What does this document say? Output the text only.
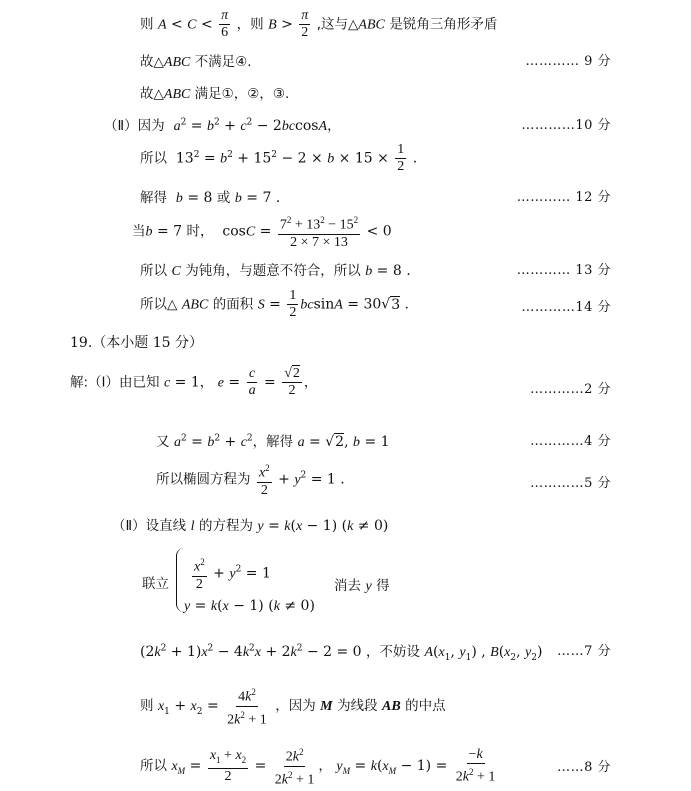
则 $A < C < \frac{\pi}{6}$ ，则 $B > \frac{\pi}{2}$ ,这与△ABC 是锐角三角形矛盾
故△ABC 不满足④.	………… 9 分
故△ABC 满足①，②，③.
（Ⅱ）因为 $a^2 = b^2 + c^2 - 2bccosA$，	…………10 分
所以  $13^2 = b^2 + 15^2 - 2 \times b \times 15 \times \frac{1}{2}$ .
解得 b = 8 或 b = 7 .	………… 12 分
当b = 7 时，  $\cos C = \frac{7^2 + 13^2 - 15^2}{2 \times 7 \times 13} < 0$
所以 C 为钝角，与题意不符合，所以 b = 8 .	………… 13 分
所以△ ABC 的面积 $S = \frac{1}{2}$ bcsinA = 30√3 .	…………14 分
19.（本小题 15 分）
解:（Ⅰ）由已知 c = 1， $e = \frac{c}{a} = \frac{√2}{2}$ ，	…………2 分
又 $a^2 = b^2 + c^2$，解得 a = √2, b = 1	…………4 分
所以椭圆方程为 $\frac{x^2}{2} + y^2 = 1$ .	…………5 分
（Ⅱ）设直线 l 的方程为 y = k(x − 1) (k ≠ 0)
联立	$\frac{x^2}{2} + y^2 = 1$
y = k(x − 1) (k ≠ 0)
消去 y 得
$(2k^2 + 1)x^2 - 4k^2x + 2k^2 - 2 = 0$ ，不妨设 $A(x_1$, $y_1$) , $B(x_2$, $y_2$)	……7 分
则 $x_1 + x_2 = \frac{4k^2}{2k^2 + 1}$ ，因为 M 为线段 AB 的中点
所以 $x_M = \frac{x_1 + x_2}{2} = \frac{2k^2}{2k^2 + 1}$ ， $y_M = k(x_M - 1) = \frac{-k}{2k^2 + 1}$	……8 分
